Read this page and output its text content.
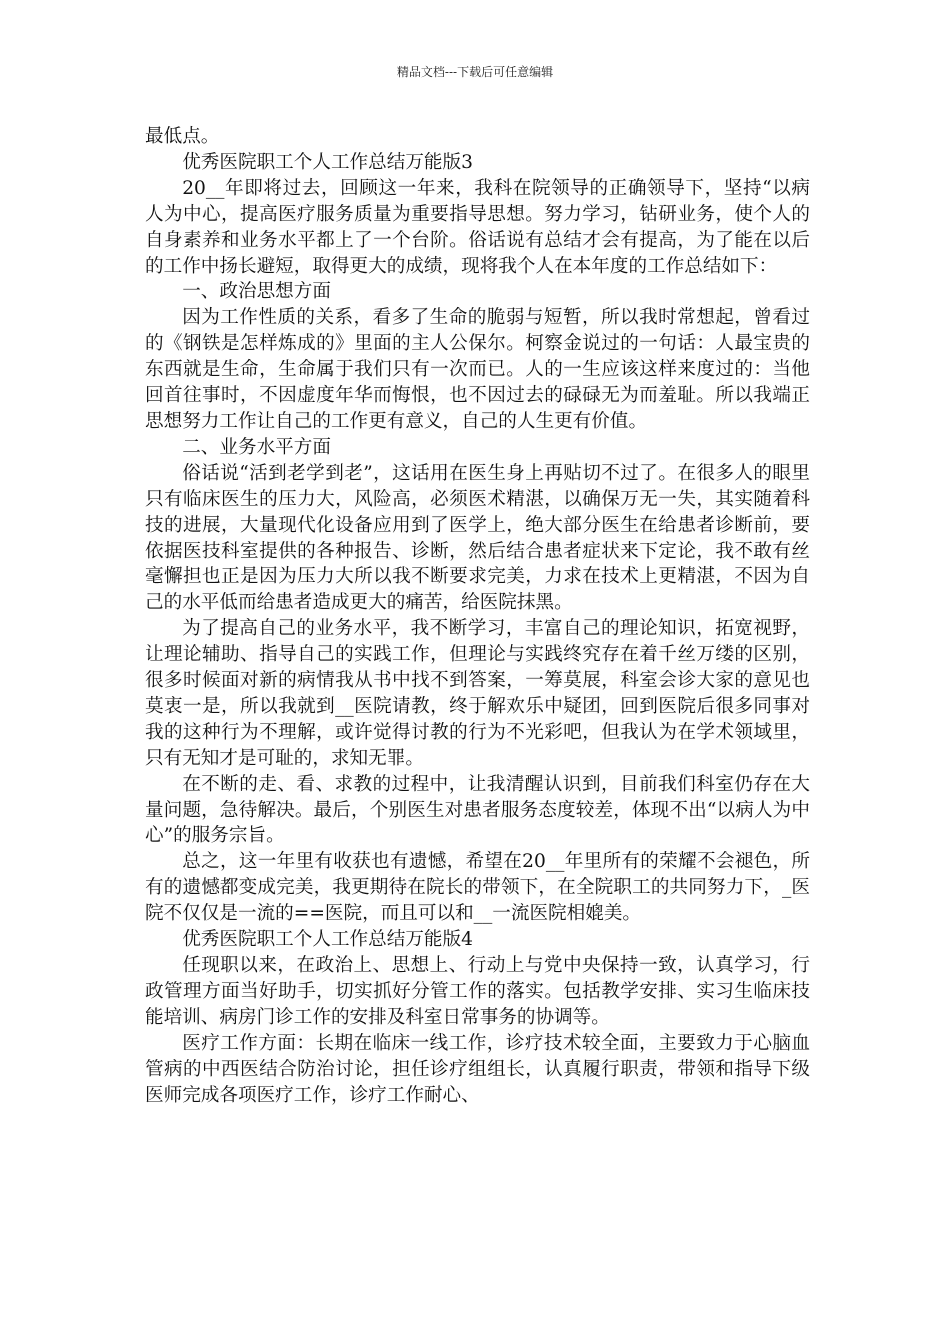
精品文档---下载后可任意编辑

最低点。

优秀医院职工个人工作总结万能版3

20__年即将过去，回顾这一年来，我科在院领导的正确领导下，坚持“以病人为中心，提高医疗服务质量为重要指导思想。努力学习，钻研业务，使个人的自身素养和业务水平都上了一个台阶。俗话说有总结才会有提高，为了能在以后的工作中扬长避短，取得更大的成绩，现将我个人在本年度的工作总结如下：

一、政治思想方面

因为工作性质的关系，看多了生命的脆弱与短暂，所以我时常想起，曾看过的《钢铁是怎样炼成的》里面的主人公保尔。柯察金说过的一句话：人最宝贵的东西就是生命，生命属于我们只有一次而已。人的一生应该这样来度过的：当他回首往事时，不因虚度年华而悔恨，也不因过去的碌碌无为而羞耻。所以我端正思想努力工作让自己的工作更有意义，自己的人生更有价值。

二、业务水平方面

俗话说“活到老学到老”，这话用在医生身上再贴切不过了。在很多人的眼里只有临床医生的压力大，风险高，必须医术精湛，以确保万无一失，其实随着科技的进展，大量现代化设备应用到了医学上，绝大部分医生在给患者诊断前，要依据医技科室提供的各种报告、诊断，然后结合患者症状来下定论，我不敢有丝毫懈担也正是因为压力大所以我不断要求完美，力求在技术上更精湛，不因为自己的水平低而给患者造成更大的痛苦，给医院抹黑。

为了提高自己的业务水平，我不断学习，丰富自己的理论知识，拓宽视野，让理论辅助、指导自己的实践工作，但理论与实践终究存在着千丝万缕的区别，很多时候面对新的病情我从书中找不到答案，一筹莫展，科室会诊大家的意见也莫衷一是，所以我就到__医院请教，终于解欢乐中疑团，回到医院后很多同事对我的这种行为不理解，或许觉得讨教的行为不光彩吧，但我认为在学术领域里，只有无知才是可耻的，求知无罪。

在不断的走、看、求教的过程中，让我清醒认识到，目前我们科室仍存在大量问题，急待解决。最后，个别医生对患者服务态度较差，体现不出“以病人为中心”的服务宗旨。

总之，这一年里有收获也有遗憾，希望在20__年里所有的荣耀不会褪色，所有的遗憾都变成完美，我更期待在院长的带领下，在全院职工的共同努力下，_医院不仅仅是一流的==医院，而且可以和__一流医院相媲美。

优秀医院职工个人工作总结万能版4

任现职以来，在政治上、思想上、行动上与党中央保持一致，认真学习，行政管理方面当好助手，切实抓好分管工作的落实。包括教学安排、实习生临床技能培训、病房门诊工作的安排及科室日常事务的协调等。

医疗工作方面：长期在临床一线工作，诊疗技术较全面，主要致力于心脑血管病的中西医结合防治讨论，担任诊疗组组长，认真履行职责，带领和指导下级医师完成各项医疗工作，诊疗工作耐心、
